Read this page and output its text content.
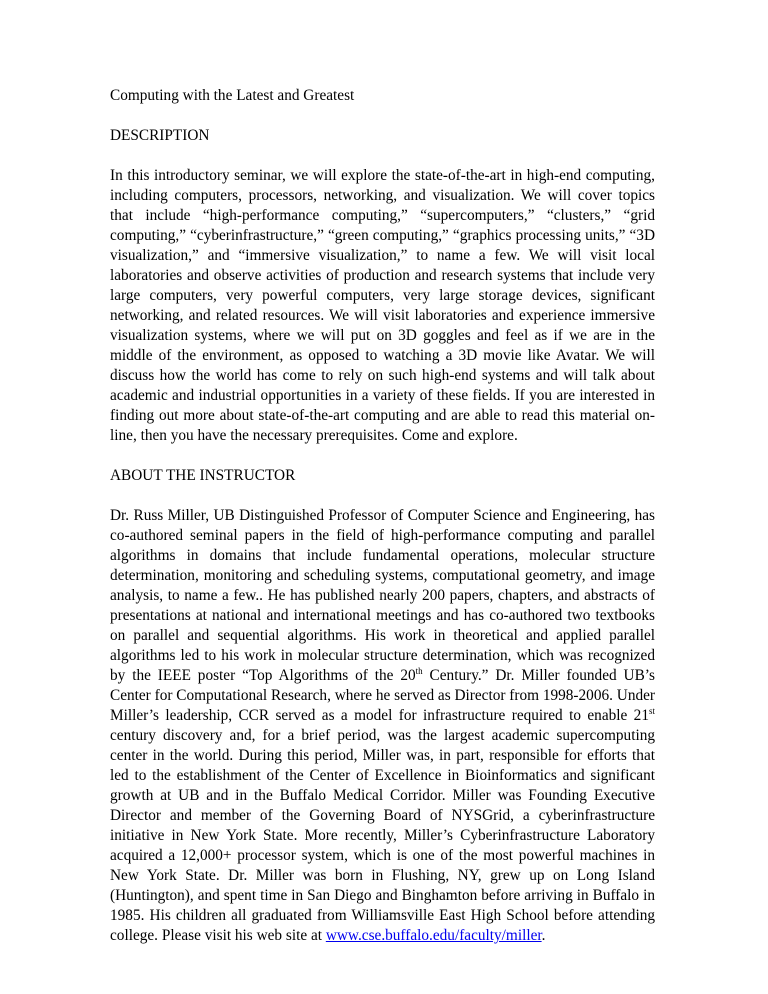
Computing with the Latest and Greatest
DESCRIPTION
In this introductory seminar, we will explore the state-of-the-art in high-end computing, including computers, processors, networking, and visualization. We will cover topics that include “high-performance computing,” “supercomputers,” “clusters,” “grid computing,” “cyberinfrastructure,” “green computing,” “graphics processing units,” “3D visualization,” and “immersive visualization,” to name a few. We will visit local laboratories and observe activities of production and research systems that include very large computers, very powerful computers, very large storage devices, significant networking, and related resources. We will visit laboratories and experience immersive visualization systems, where we will put on 3D goggles and feel as if we are in the middle of the environment, as opposed to watching a 3D movie like Avatar. We will discuss how the world has come to rely on such high-end systems and will talk about academic and industrial opportunities in a variety of these fields. If you are interested in finding out more about state-of-the-art computing and are able to read this material on-line, then you have the necessary prerequisites. Come and explore.
ABOUT THE INSTRUCTOR
Dr. Russ Miller, UB Distinguished Professor of Computer Science and Engineering, has co-authored seminal papers in the field of high-performance computing and parallel algorithms in domains that include fundamental operations, molecular structure determination, monitoring and scheduling systems, computational geometry, and image analysis, to name a few.. He has published nearly 200 papers, chapters, and abstracts of presentations at national and international meetings and has co-authored two textbooks on parallel and sequential algorithms. His work in theoretical and applied parallel algorithms led to his work in molecular structure determination, which was recognized by the IEEE poster “Top Algorithms of the 20th Century.” Dr. Miller founded UB’s Center for Computational Research, where he served as Director from 1998-2006. Under Miller’s leadership, CCR served as a model for infrastructure required to enable 21st century discovery and, for a brief period, was the largest academic supercomputing center in the world. During this period, Miller was, in part, responsible for efforts that led to the establishment of the Center of Excellence in Bioinformatics and significant growth at UB and in the Buffalo Medical Corridor. Miller was Founding Executive Director and member of the Governing Board of NYSGrid, a cyberinfrastructure initiative in New York State. More recently, Miller’s Cyberinfrastructure Laboratory acquired a 12,000+ processor system, which is one of the most powerful machines in New York State. Dr. Miller was born in Flushing, NY, grew up on Long Island (Huntington), and spent time in San Diego and Binghamton before arriving in Buffalo in 1985. His children all graduated from Williamsville East High School before attending college. Please visit his web site at www.cse.buffalo.edu/faculty/miller.
